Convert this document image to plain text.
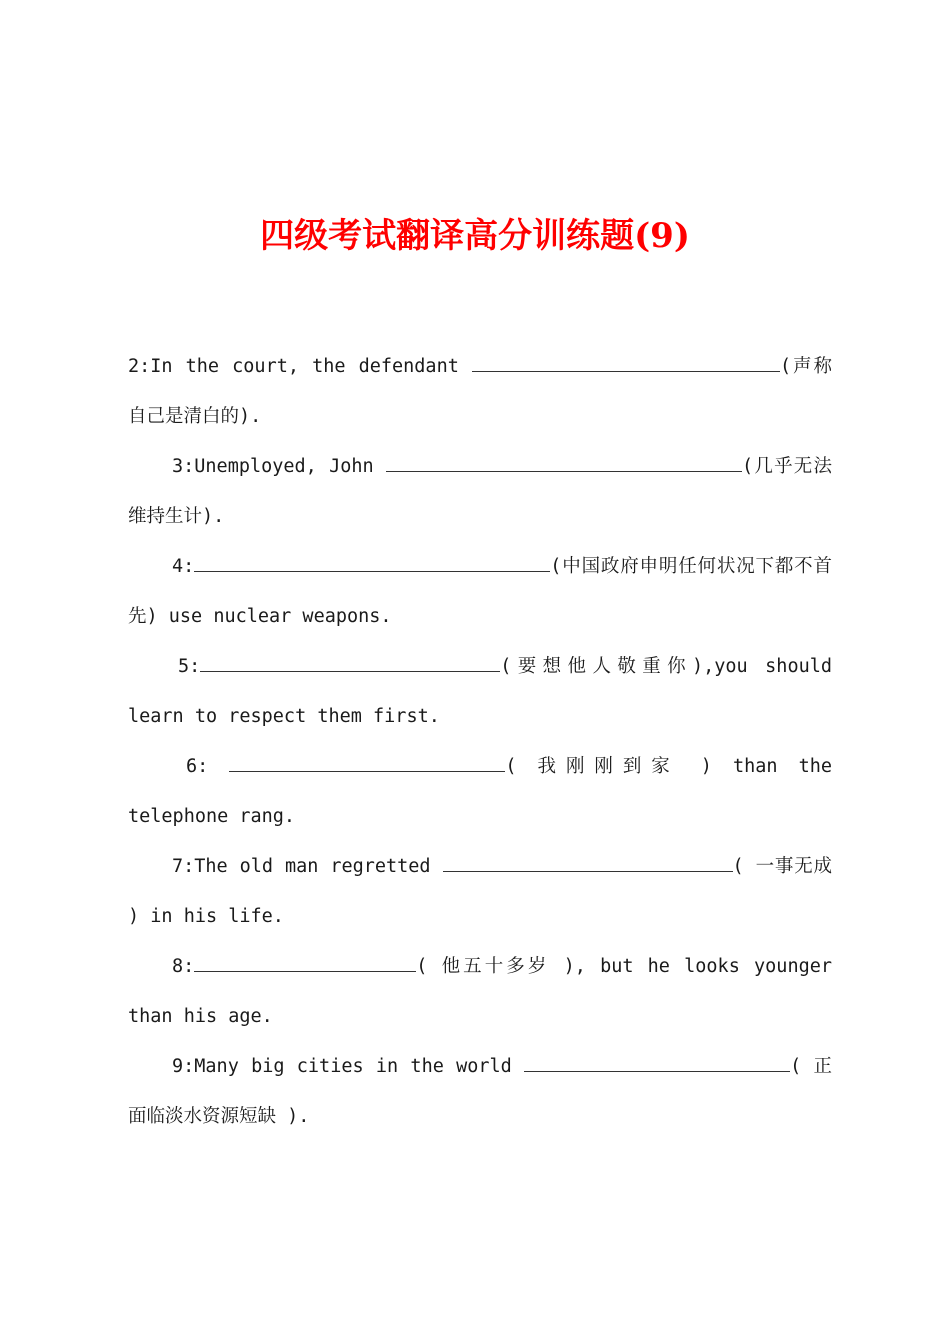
四级考试翻译高分训练题(9)

2:In the court, the defendant	(声称自己是清白的).

3:Unemployed, John	(几乎无法维持生计).

4:	(中国政府申明任何状况下都不首先) use nuclear weapons.

5:	(要想他人敬重你),you should learn to respect them first.

6:	( 我刚刚到家 ) than the telephone rang.

7:The old man regretted	( 一事无成 ) in his life.

8:	( 他五十多岁 ), but he looks younger than his age.

9:Many big cities in the world	( 正面临淡水资源短缺 ).
